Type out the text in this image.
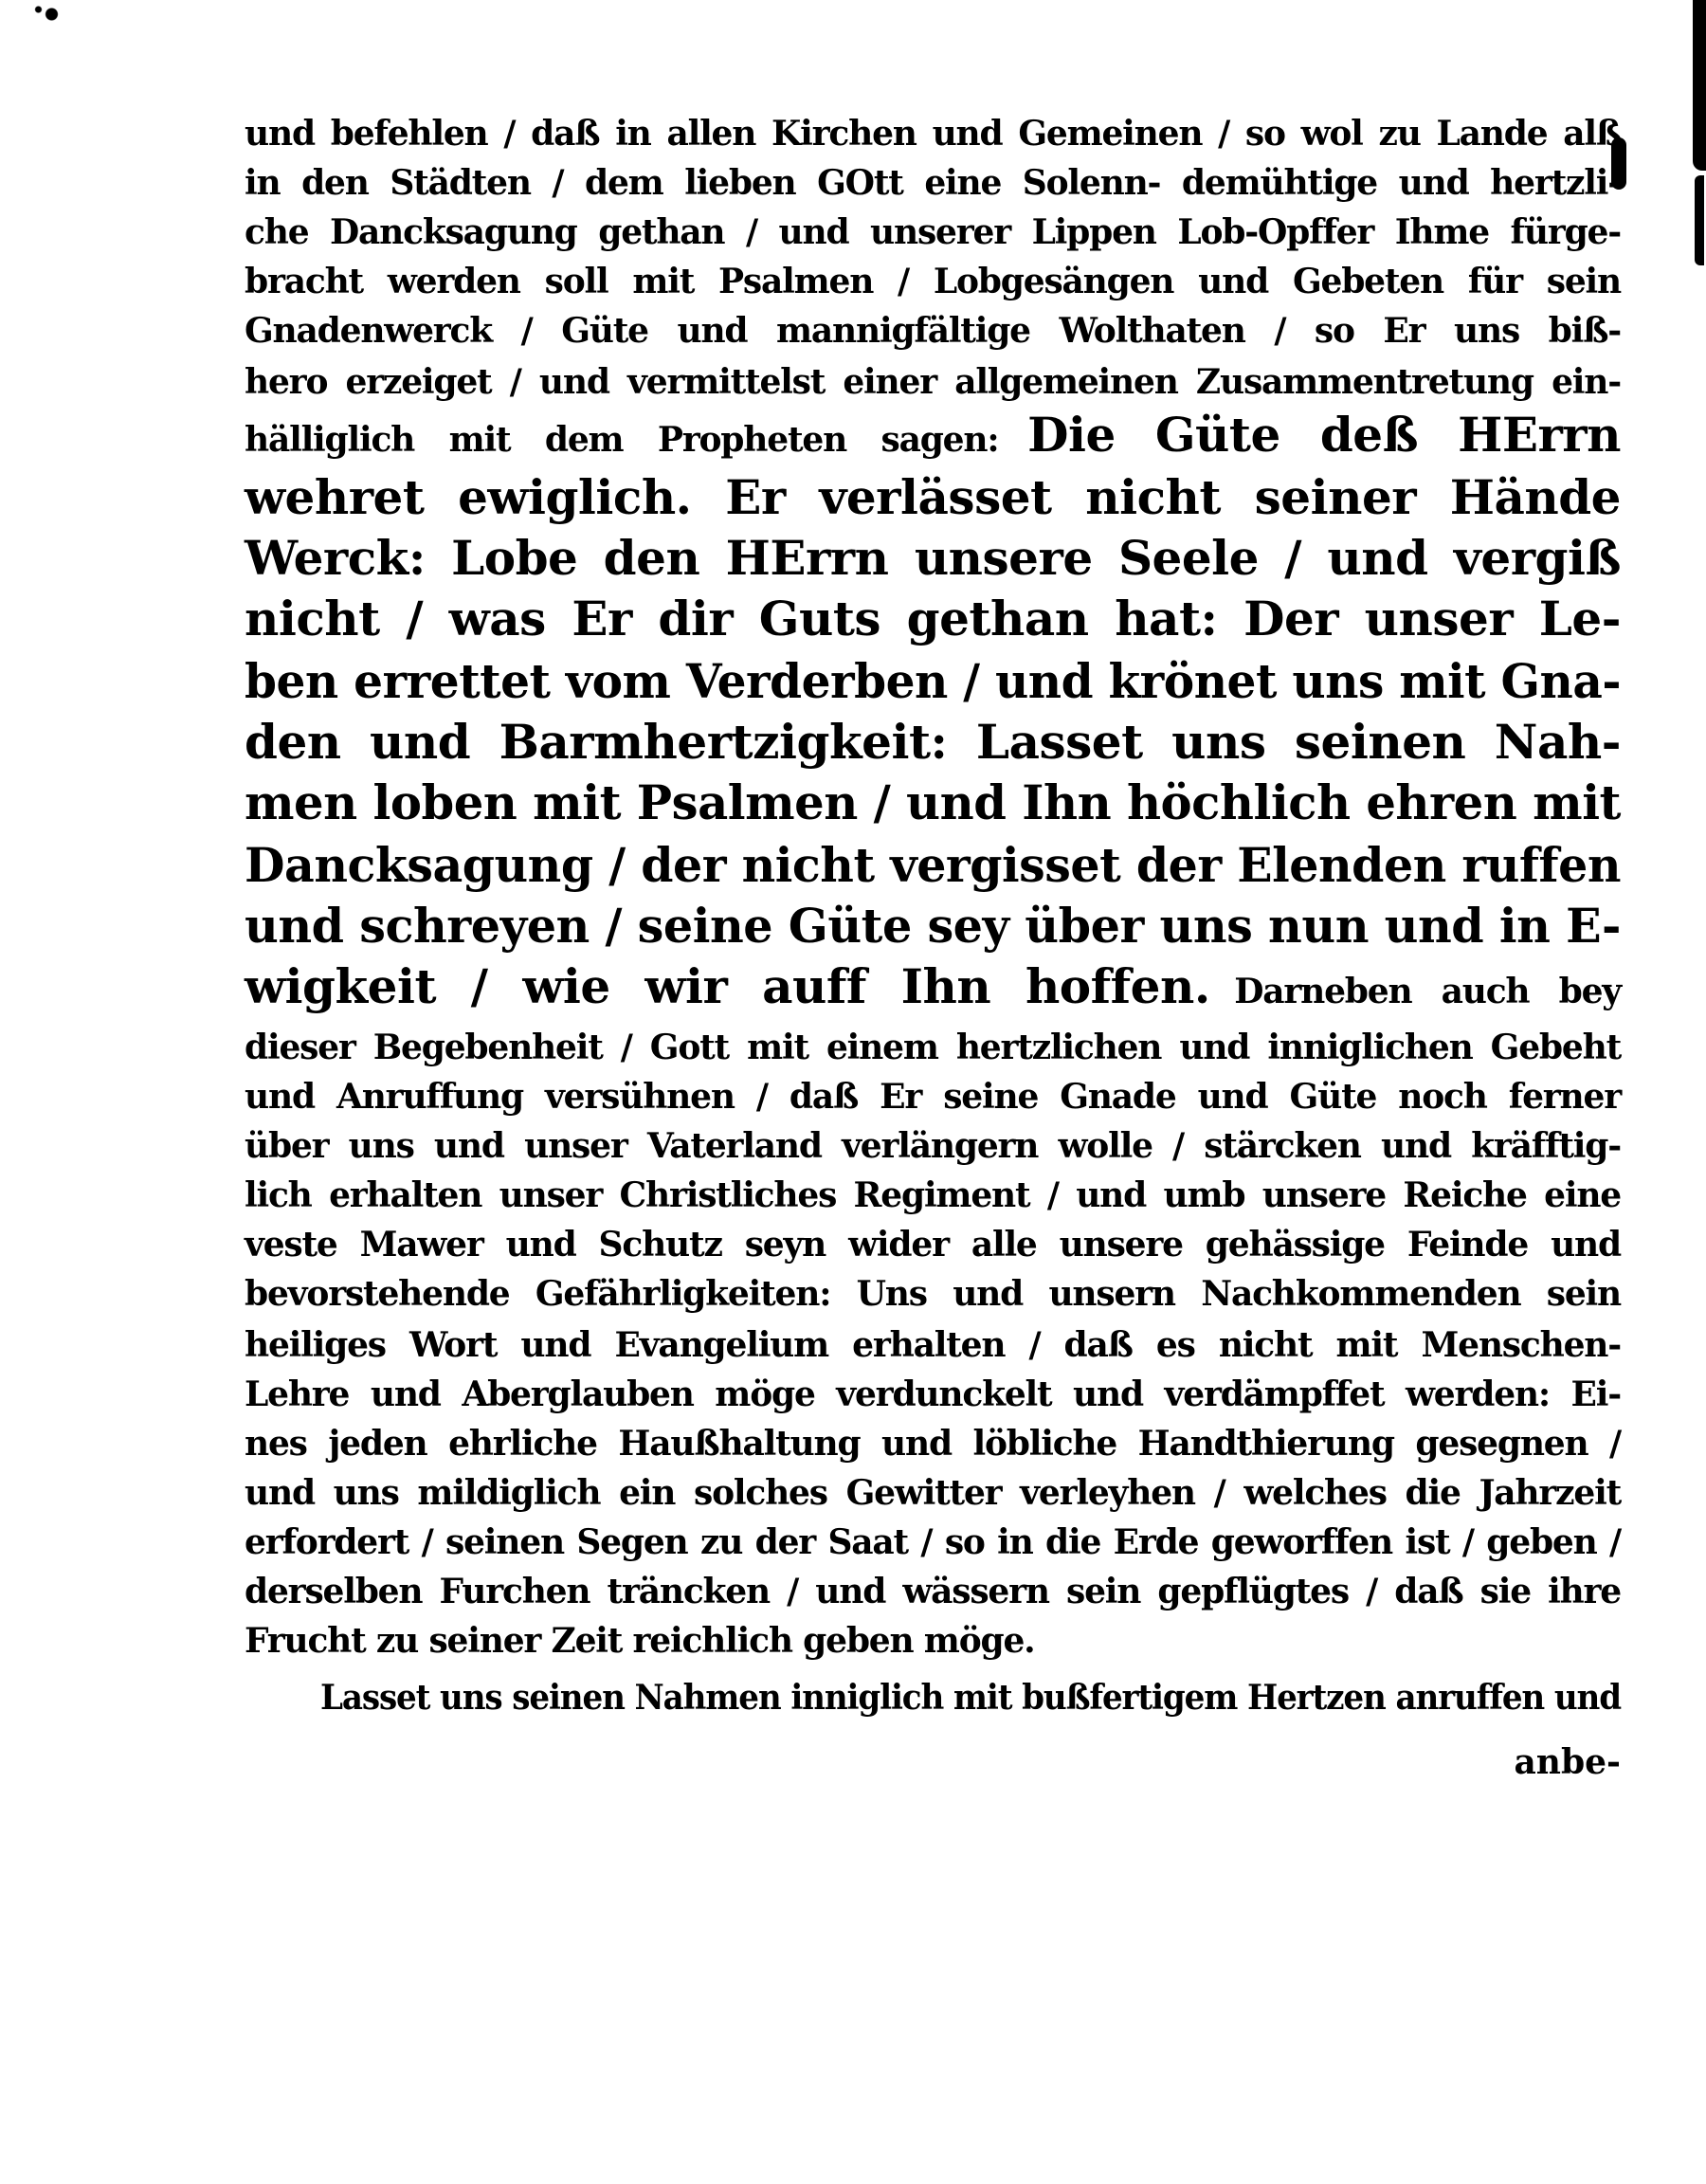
und befehlen / daß in allen Kirchen und Gemeinen / so wol zu Lande alß
in den Städten / dem lieben GOtt eine Solenn- demühtige und hertzli-
che Dancksagung gethan / und unserer Lippen Lob-Opffer Ihme fürge-
bracht werden soll mit Psalmen / Lobgesängen und Gebeten für sein
Gnadenwerck / Güte und mannigfältige Wolthaten / so Er uns biß-
hero erzeiget / und vermittelst einer allgemeinen Zusammentretung ein-
hälliglich mit dem Propheten sagen: Die Güte deß HErrn
wehret ewiglich. Er verlässet nicht seiner Hände
Werck: Lobe den HErrn unsere Seele / und vergiß
nicht / was Er dir Guts gethan hat: Der unser Le-
ben errettet vom Verderben / und krönet uns mit Gna-
den und Barmhertzigkeit: Lasset uns seinen Nah-
men loben mit Psalmen / und Ihn höchlich ehren mit
Dancksagung / der nicht vergisset der Elenden ruffen
und schreyen / seine Güte sey über uns nun und in E-
wigkeit / wie wir auff Ihn hoffen. Darneben auch bey
dieser Begebenheit / Gott mit einem hertzlichen und inniglichen Gebeht
und Anruffung versühnen / daß Er seine Gnade und Güte noch ferner
über uns und unser Vaterland verlängern wolle / stärcken und kräfftig-
lich erhalten unser Christliches Regiment / und umb unsere Reiche eine
veste Mawer und Schutz seyn wider alle unsere gehässige Feinde und
bevorstehende Gefährligkeiten: Uns und unsern Nachkommenden sein
heiliges Wort und Evangelium erhalten / daß es nicht mit Menschen-
Lehre und Aberglauben möge verdunckelt und verdämpffet werden: Ei-
nes jeden ehrliche Haußhaltung und löbliche Handthierung gesegnen /
und uns mildiglich ein solches Gewitter verleyhen / welches die Jahrzeit
erfordert / seinen Segen zu der Saat / so in die Erde geworffen ist / geben /
derselben Furchen träncken / und wässern sein gepflügtes / daß sie ihre
Frucht zu seiner Zeit reichlich geben möge.
Lasset uns seinen Nahmen inniglich mit bußfertigem Hertzen anruffen und
anbe-
